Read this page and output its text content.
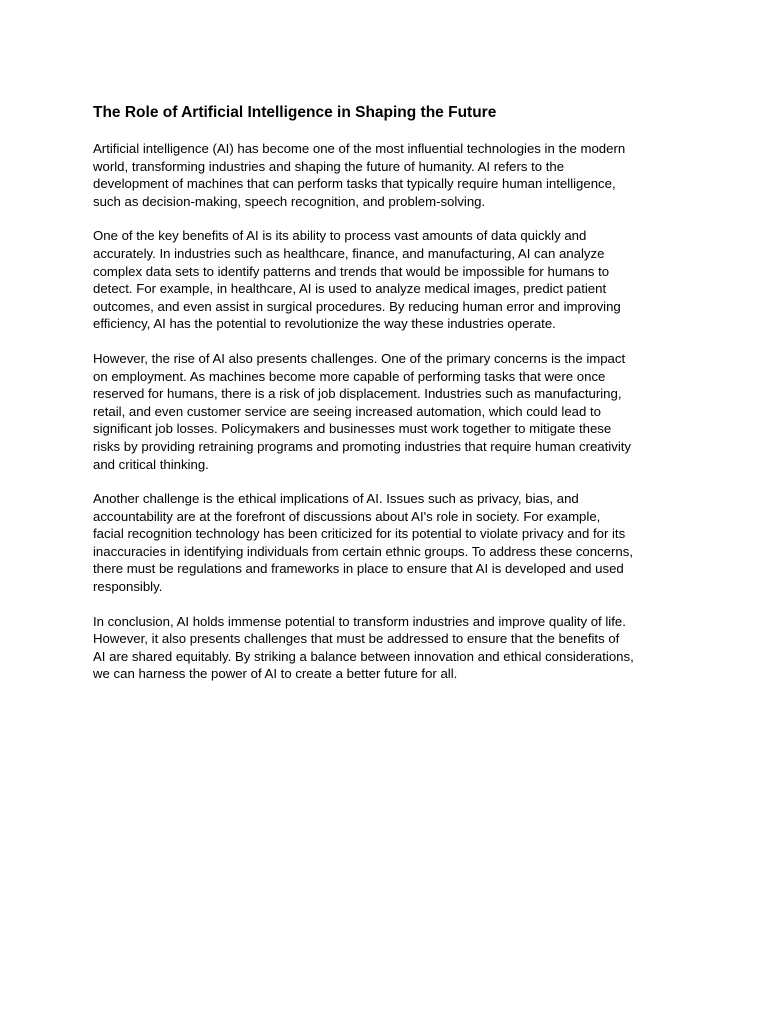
The Role of Artificial Intelligence in Shaping the Future
Artificial intelligence (AI) has become one of the most influential technologies in the modern
world, transforming industries and shaping the future of humanity. AI refers to the
development of machines that can perform tasks that typically require human intelligence,
such as decision-making, speech recognition, and problem-solving.
One of the key benefits of AI is its ability to process vast amounts of data quickly and
accurately. In industries such as healthcare, finance, and manufacturing, AI can analyze
complex data sets to identify patterns and trends that would be impossible for humans to
detect. For example, in healthcare, AI is used to analyze medical images, predict patient
outcomes, and even assist in surgical procedures. By reducing human error and improving
efficiency, AI has the potential to revolutionize the way these industries operate.
However, the rise of AI also presents challenges. One of the primary concerns is the impact
on employment. As machines become more capable of performing tasks that were once
reserved for humans, there is a risk of job displacement. Industries such as manufacturing,
retail, and even customer service are seeing increased automation, which could lead to
significant job losses. Policymakers and businesses must work together to mitigate these
risks by providing retraining programs and promoting industries that require human creativity
and critical thinking.
Another challenge is the ethical implications of AI. Issues such as privacy, bias, and
accountability are at the forefront of discussions about AI's role in society. For example,
facial recognition technology has been criticized for its potential to violate privacy and for its
inaccuracies in identifying individuals from certain ethnic groups. To address these concerns,
there must be regulations and frameworks in place to ensure that AI is developed and used
responsibly.
In conclusion, AI holds immense potential to transform industries and improve quality of life.
However, it also presents challenges that must be addressed to ensure that the benefits of
AI are shared equitably. By striking a balance between innovation and ethical considerations,
we can harness the power of AI to create a better future for all.
